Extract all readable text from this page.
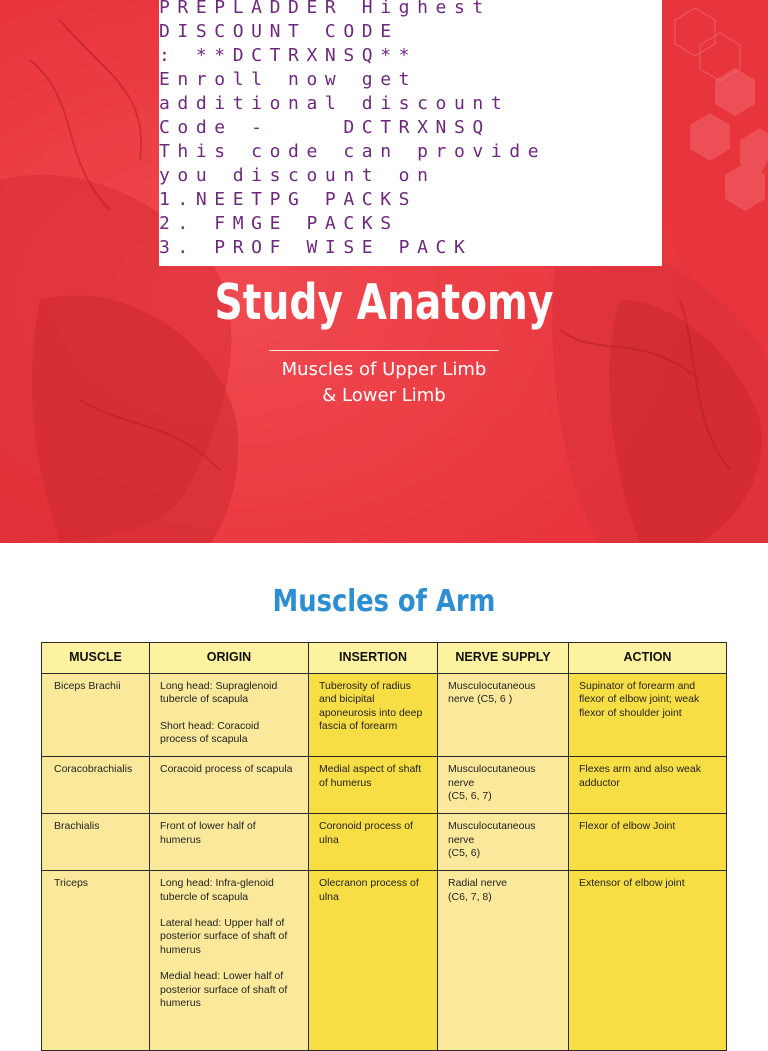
PREPLADDER Highest
DISCOUNT CODE
: **DCTRXNSQ**
Enroll now get
additional discount
Code -    DCTRXNSQ
This code can provide
you discount on
1.NEETPG PACKS
2. FMGE PACKS
3. PROF WISE PACK
Study Anatomy
Muscles of Upper Limb
& Lower Limb
Muscles of Arm
MUSCLE	ORIGIN	INSERTION	NERVE SUPPLY	ACTION
Biceps Brachii	Long head: Supraglenoid tubercle of scapula

Short head: Coracoid process of scapula	Tuberosity of radius and bicipital aponeurosis into deep fascia of forearm	Musculocutaneous nerve (C5, 6 )	Supinator of forearm and flexor of elbow joint; weak flexor of shoulder joint
Coracobrachialis	Coracoid process of scapula	Medial aspect of shaft of humerus	Musculocutaneous nerve
(C5, 6, 7)	Flexes arm and also weak adductor
Brachialis	Front of lower half of humerus	Coronoid process of ulna	Musculocutaneous nerve
(C5, 6)	Flexor of elbow Joint
Triceps	Long head: Infra-glenoid tubercle of scapula

Lateral head: Upper half of posterior surface of shaft of humerus

Medial head: Lower half of posterior surface of shaft of humerus	Olecranon process of ulna	Radial nerve
(C6, 7, 8)	Extensor of elbow joint
